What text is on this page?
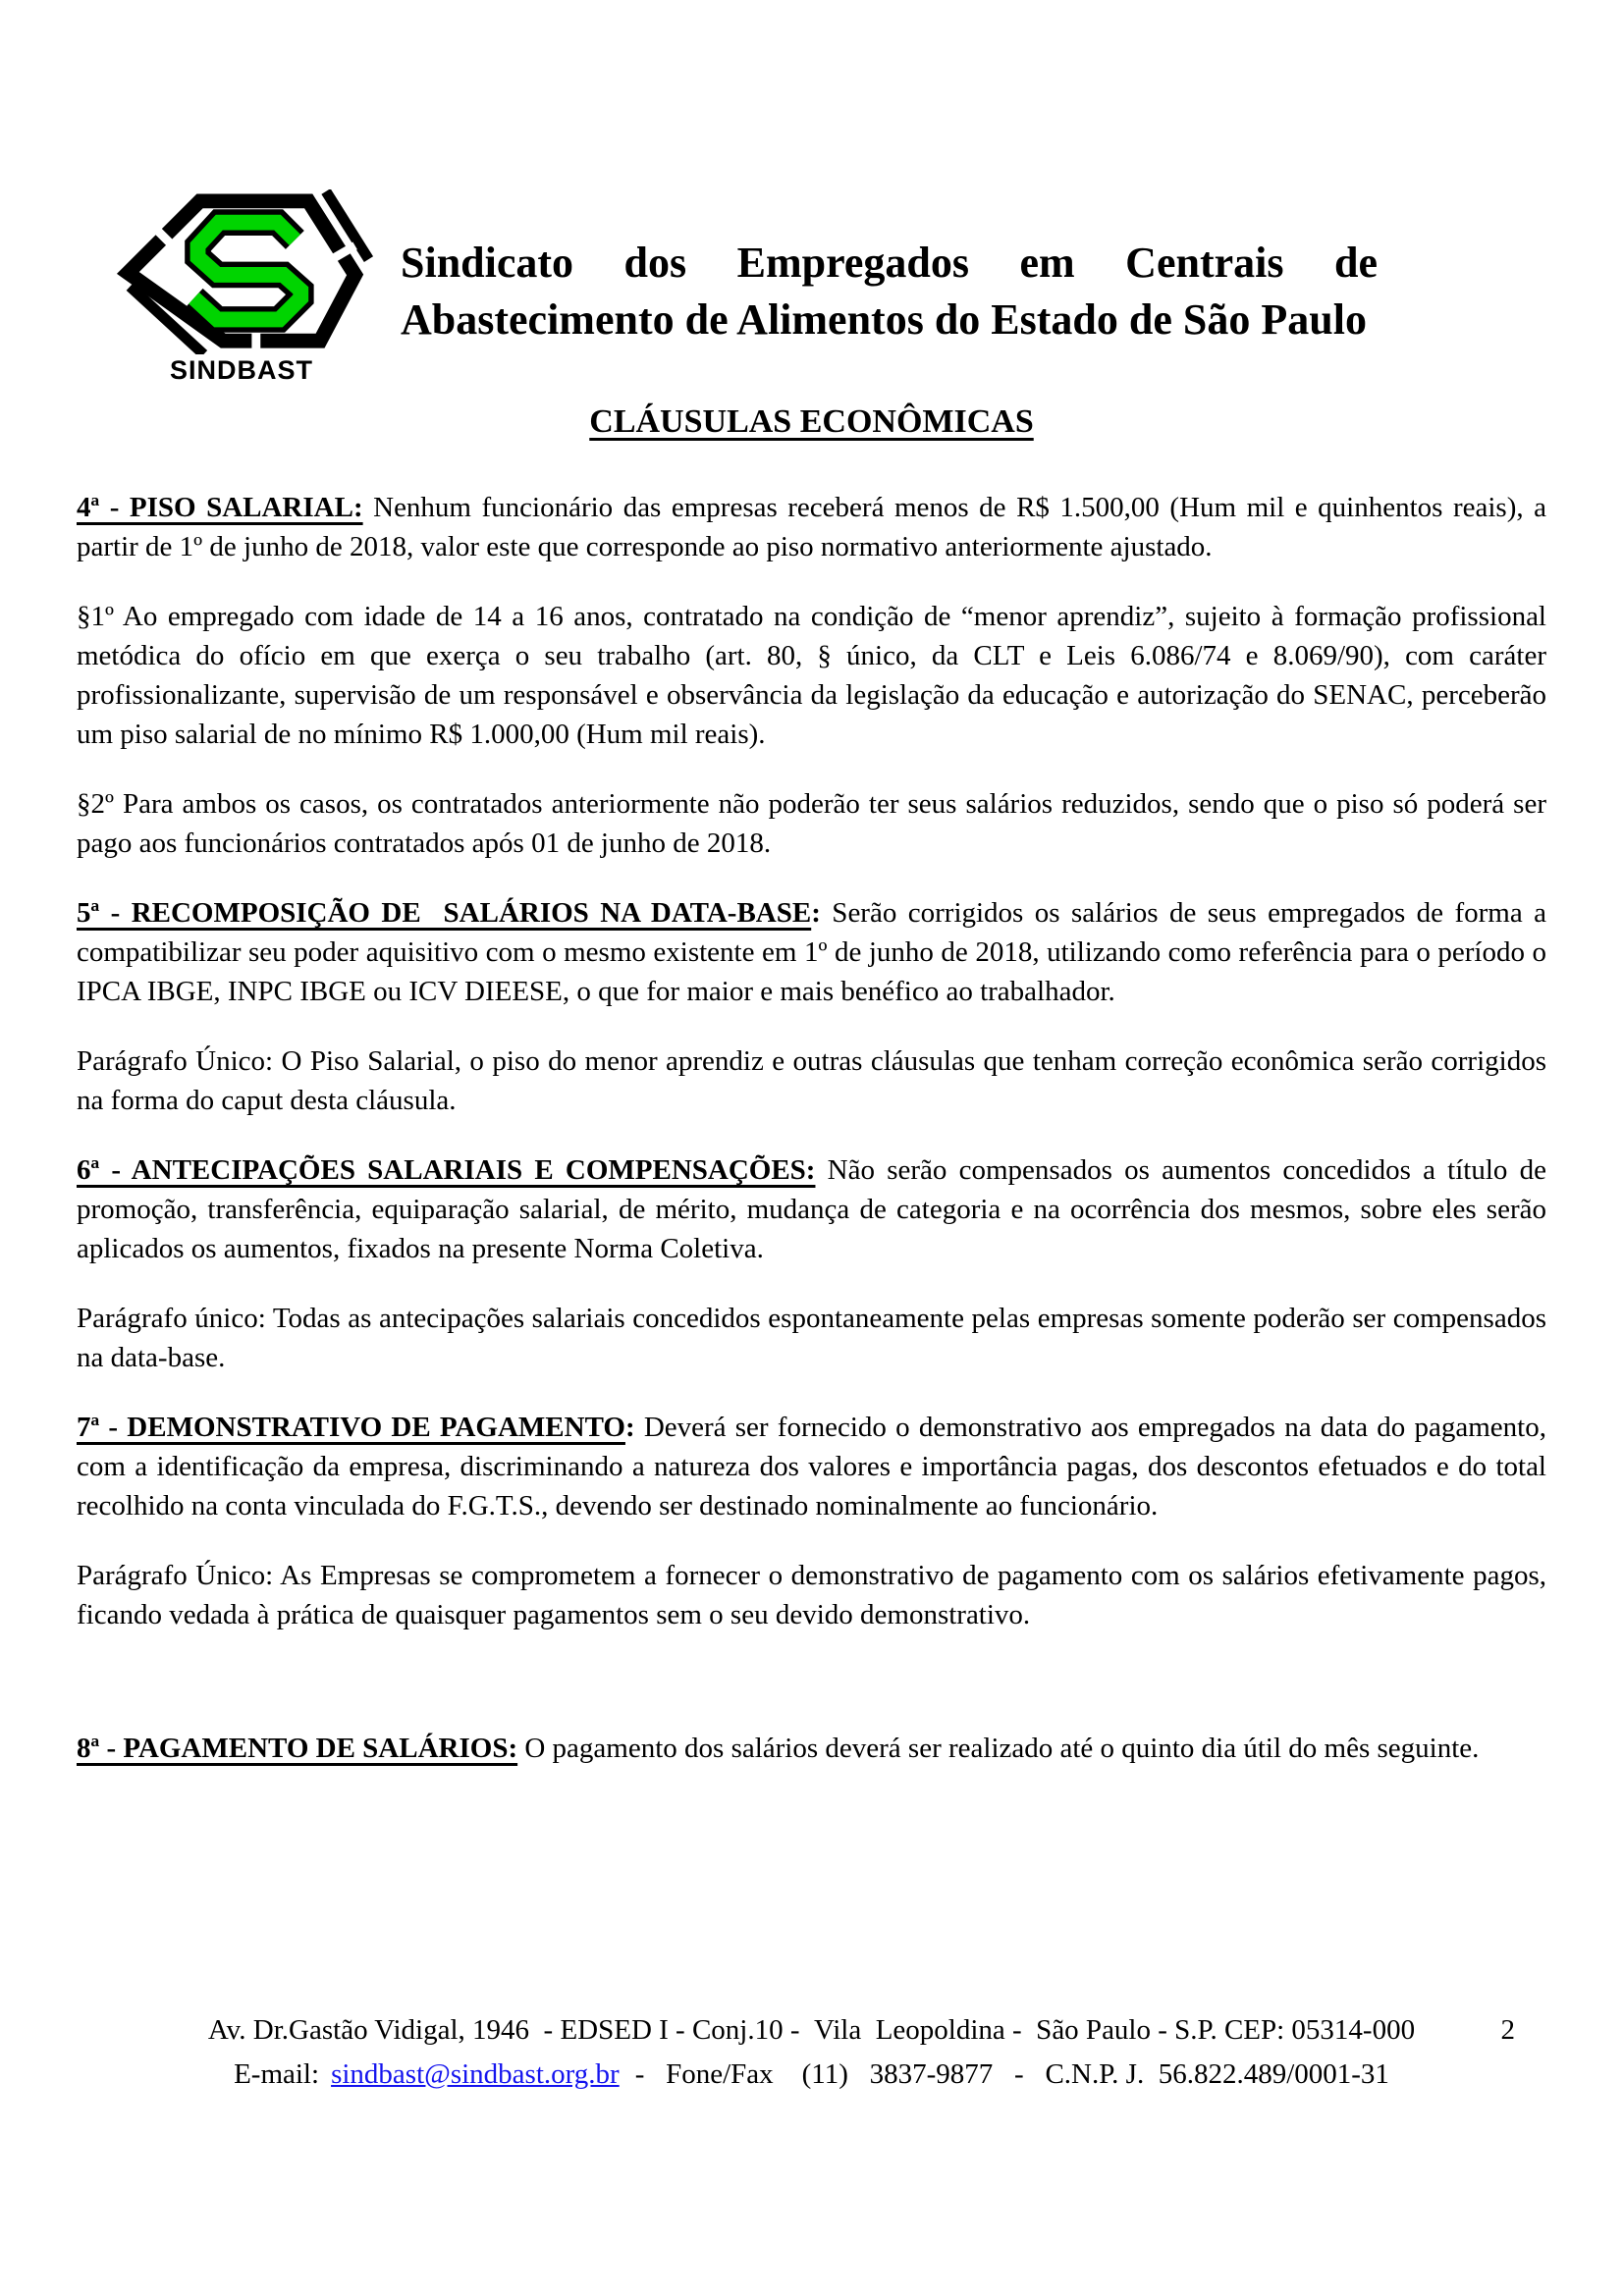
SINDBAST
Sindicato dos Empregados em Centrais de
Abastecimento de Alimentos do Estado de São Paulo
CLÁUSULAS ECONÔMICAS

4ª - PISO SALARIAL: Nenhum funcionário das empresas receberá menos de R$ 1.500,00 (Hum mil e quinhentos reais), a partir de 1º de junho de 2018, valor este que corresponde ao piso normativo anteriormente ajustado.

§1º Ao empregado com idade de 14 a 16 anos, contratado na condição de “menor aprendiz”, sujeito à formação profissional metódica do ofício em que exerça o seu trabalho (art. 80, § único, da CLT e Leis 6.086/74 e 8.069/90), com caráter profissionalizante, supervisão de um responsável e observância da legislação da educação e autorização do SENAC, perceberão um piso salarial de no mínimo R$ 1.000,00 (Hum mil reais).

§2º Para ambos os casos, os contratados anteriormente não poderão ter seus salários reduzidos, sendo que o piso só poderá ser pago aos funcionários contratados após 01 de junho de 2018.

5ª - RECOMPOSIÇÃO DE  SALÁRIOS NA DATA-BASE: Serão corrigidos os salários de seus empregados de forma a compatibilizar seu poder aquisitivo com o mesmo existente em 1º de junho de 2018, utilizando como referência para o período o IPCA IBGE, INPC IBGE ou ICV DIEESE, o que for maior e mais benéfico ao trabalhador.

Parágrafo Único: O Piso Salarial, o piso do menor aprendiz e outras cláusulas que tenham correção econômica serão corrigidos na forma do caput desta cláusula.

6ª - ANTECIPAÇÕES SALARIAIS E COMPENSAÇÕES: Não serão compensados os aumentos concedidos a título de promoção, transferência, equiparação salarial, de mérito, mudança de categoria e na ocorrência dos mesmos, sobre eles serão aplicados os aumentos, fixados na presente Norma Coletiva.

Parágrafo único: Todas as antecipações salariais concedidos espontaneamente pelas empresas somente poderão ser compensados na data-base.

7ª - DEMONSTRATIVO DE PAGAMENTO: Deverá ser fornecido o demonstrativo aos empregados na data do pagamento, com a identificação da empresa, discriminando a natureza dos valores e importância pagas, dos descontos efetuados e do total recolhido na conta vinculada do F.G.T.S., devendo ser destinado nominalmente ao funcionário.

Parágrafo Único: As Empresas se comprometem a fornecer o demonstrativo de pagamento com os salários efetivamente pagos, ficando vedada à prática de quaisquer pagamentos sem o seu devido demonstrativo.

8ª - PAGAMENTO DE SALÁRIOS: O pagamento dos salários deverá ser realizado até o quinto dia útil do mês seguinte.

Av. Dr.Gastão Vidigal, 1946  - EDSED I - Conj.10 -  Vila  Leopoldina -  São Paulo - S.P. CEP: 05314-000
E-mail: sindbast@sindbast.org.br -   Fone/Fax    (11)   3837-9877   -   C.N.P. J.  56.822.489/0001-31
2
